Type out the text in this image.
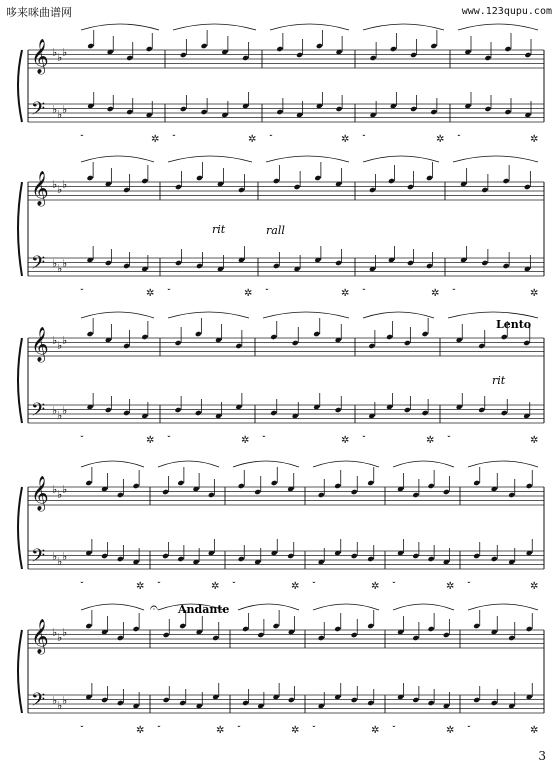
哆来咪曲谱网	www.123qupu.com
𝄞
𝄢
♭
♭
♭
♭
♭
♭
𝄻	✲ 𝄻	✲ 𝄻	✲ 𝄻	✲ 𝄻	✲
𝄞
𝄢
♭
♭
♭
♭
♭
♭
𝄻	✲ 𝄻	✲ 𝄻	✲ 𝄻	✲ 𝄻	✲
𝄞
𝄢
♭
♭
♭
♭
♭
♭
𝄻	✲ 𝄻	✲ 𝄻	✲ 𝄻	✲ 𝄻	✲
𝄞
𝄢
♭
♭
♭
♭
♭
♭
𝄻	✲ 𝄻	✲ 𝄻	✲ 𝄻	✲ 𝄻	✲ 𝄻	✲
𝄞
𝄢
♭
♭
♭
♭
♭
♭
𝄻	✲ 𝄻	✲ 𝄻	✲ 𝄻	✲ 𝄻	✲ 𝄻	✲
𝄐
rit	rall
Lento
rit
Andante
3
